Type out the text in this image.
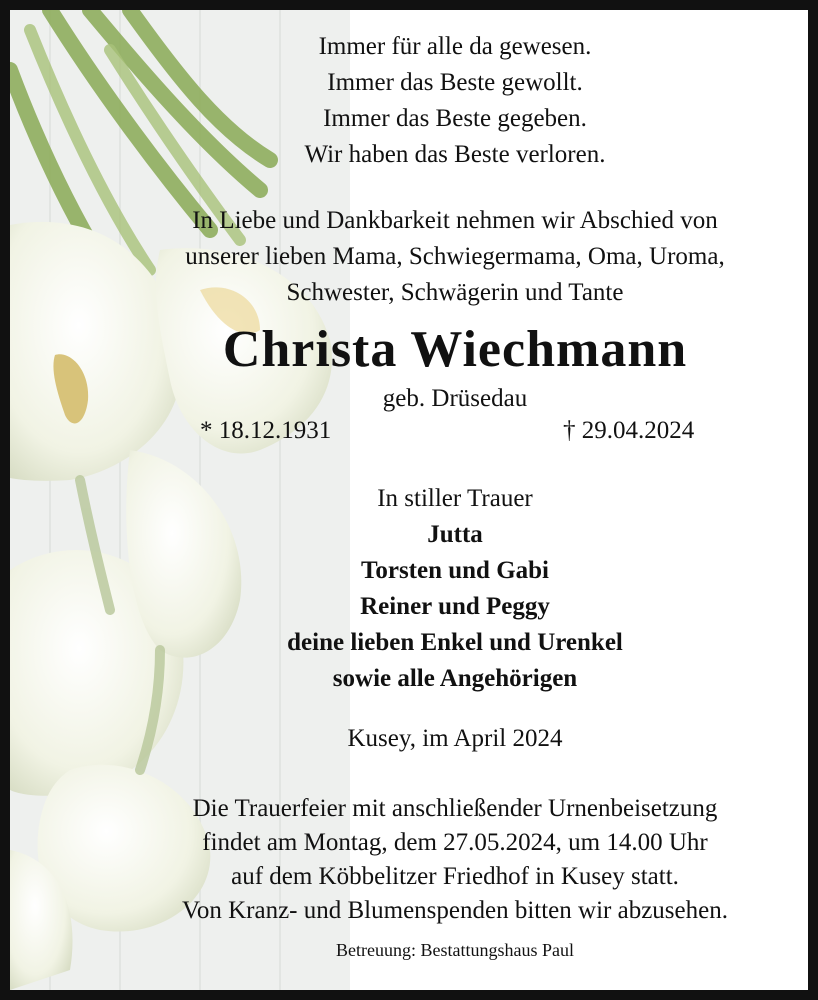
Immer für alle da gewesen.
Immer das Beste gewollt.
Immer das Beste gegeben.
Wir haben das Beste verloren.
In Liebe und Dankbarkeit nehmen wir Abschied von
unserer lieben Mama, Schwiegermama, Oma, Uroma,
Schwester, Schwägerin und Tante
Christa Wiechmann
geb. Drüsedau
* 18.12.1931	† 29.04.2024
In stiller Trauer
Jutta
Torsten und Gabi
Reiner und Peggy
deine lieben Enkel und Urenkel
sowie alle Angehörigen
Kusey, im April 2024
Die Trauerfeier mit anschließender Urnenbeisetzung
findet am Montag, dem 27.05.2024, um 14.00 Uhr
auf dem Köbbelitzer Friedhof in Kusey statt.
Von Kranz- und Blumenspenden bitten wir abzusehen.
Betreuung: Bestattungshaus Paul
